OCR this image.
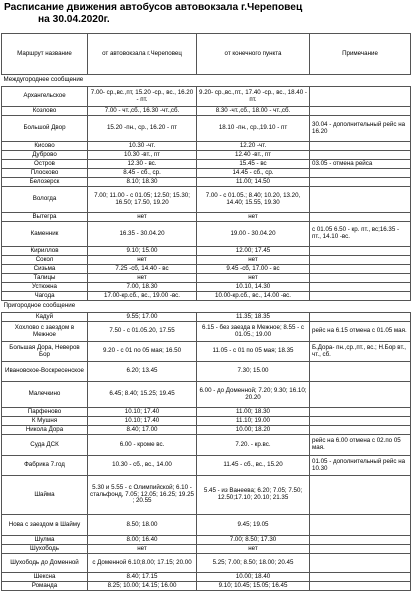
Расписание движения автобусов автовокзала г.Череповец
на 30.04.2020г.
Маршрут название	от автовокзала г.Череповец	от конечного пункта	Примечание
Междугороднее сообщение			
Архангельское	7.00- ср.,вс.,пт, 15.20 -ср., вс., 16.20 - пт.	9.20- ср.,вс.,пт., 17.40 -ср., вс., 18.40 - пт.	
Козлово	7.00 - чт.,сб., 16.30 -чт.,сб.	8.30 -чт.,сб., 18.00 - чт.,сб.	
Большой Двор	15.20 -пн., ср., 16.20 - пт	18.10 -пн., ср.,19.10 - пт	30.04 - дополнительный рейс на 16.20
Кисово	10.30 -чт.	12.20 -чт.	
Дуброво	10.30 -вт., пт	12.40 -вт., пт	
Остров	12.30 - вс.	15.45 - вс	03.05 - отмена рейса
Плосково	8.45 - сб., ср.	14.45 - сб., ср.	
Белозерск	8.10; 18.30	11.00; 14.50	
Вологда	7.00; 11.00 - с 01.05; 12.50; 15.30; 16.50; 17.50, 19.20	7.00 - с 01.05.; 8.40; 10.20, 13.20, 14.40; 15.55, 19.30	
Вытегра	нет	нет	
Каменник	16.35 - 30.04.20	19.00 - 30.04.20	с 01.05 6.50 - кр. пт., вс;16.35 - пт., 14.10 -вс.
Кириллов	9.10; 15.00	12.00; 17.45	
Сокол	нет	нет	
Сизьма	7.25 -сб, 14.40 - вс	9.45 -сб, 17.00 - вс	
Талицы	нет	нет	
Устюжна	7.00, 18.30	10.10, 14.30	
Чагода	17.00-кр.сб., вс., 19.00 -вс.	10.00-кр.сб., вс., 14.00 -вс.	
Пригородное сообщение			
Кадуй	9.55; 17.00	11.35; 18.35	
Хохлово с заездом в Межное	7.50 - с 01.05.20, 17.55	6.15 - без заезда в Межное; 8.55 - с 01.05.; 19.00	рейс на 6.15 отмена с 01.05 мая.
Большая Дора, Неверов Бор	9.20 - с 01 по 05 мая; 16.50	11.05 - с 01 по 05 мая; 18.35	Б.Дора- пн.,ср.,пт., вс.; Н.Бор вт., чт., сб.
Ивановское-Воскресенское	6.20; 13.45	7.30; 15.00	
Малечкино	6.45; 8.40; 15.25; 19.45	6.00 - до Доменной; 7.20; 9.30; 16.10; 20.20	
Парфеново	10.10; 17.40	11.00; 18.30	
К Мушня	10.10; 17.40	11.10; 19.00	
Никола Дора	8.40; 17.00	10.00; 18.20	
Суда ДСК	6.00 - кроме вс.	7.20. - кр.вс.	рейс на 6.00 отмена с 02.по 05 мая.
Фабрика 7.год	10.30 - сб., вс., 14.00	11.45 - сб., вс., 15.20	01.05 - дополнительный рейс на 10.30
Шайма	5.30 и 5.55 - с Олимпийской; 6.10 - стальфонд, 7.05; 12.05; 16.25; 19.25 ; 20.55	5.45 - из Ванеева; 6.20; 7.05; 7.50; 12.50;17.10; 20.10; 21.35	
Нова с заездом в Шайму	8.50; 18.00	9.45; 19.05	
Шулма	8.00; 16.40	7.00; 8.50; 17.30	
Шухободь	нет	нет	
Шухободь до Доменной	с Доменной 6.10;8.00; 17.15; 20.00	5.25; 7.00; 8.50; 18.00; 20.45	
Шексна	8.40; 17.15	10.00; 18.40	
Романда	8.25; 10.00; 14.15; 16.00	9.10; 10.45; 15.05; 16.45	
